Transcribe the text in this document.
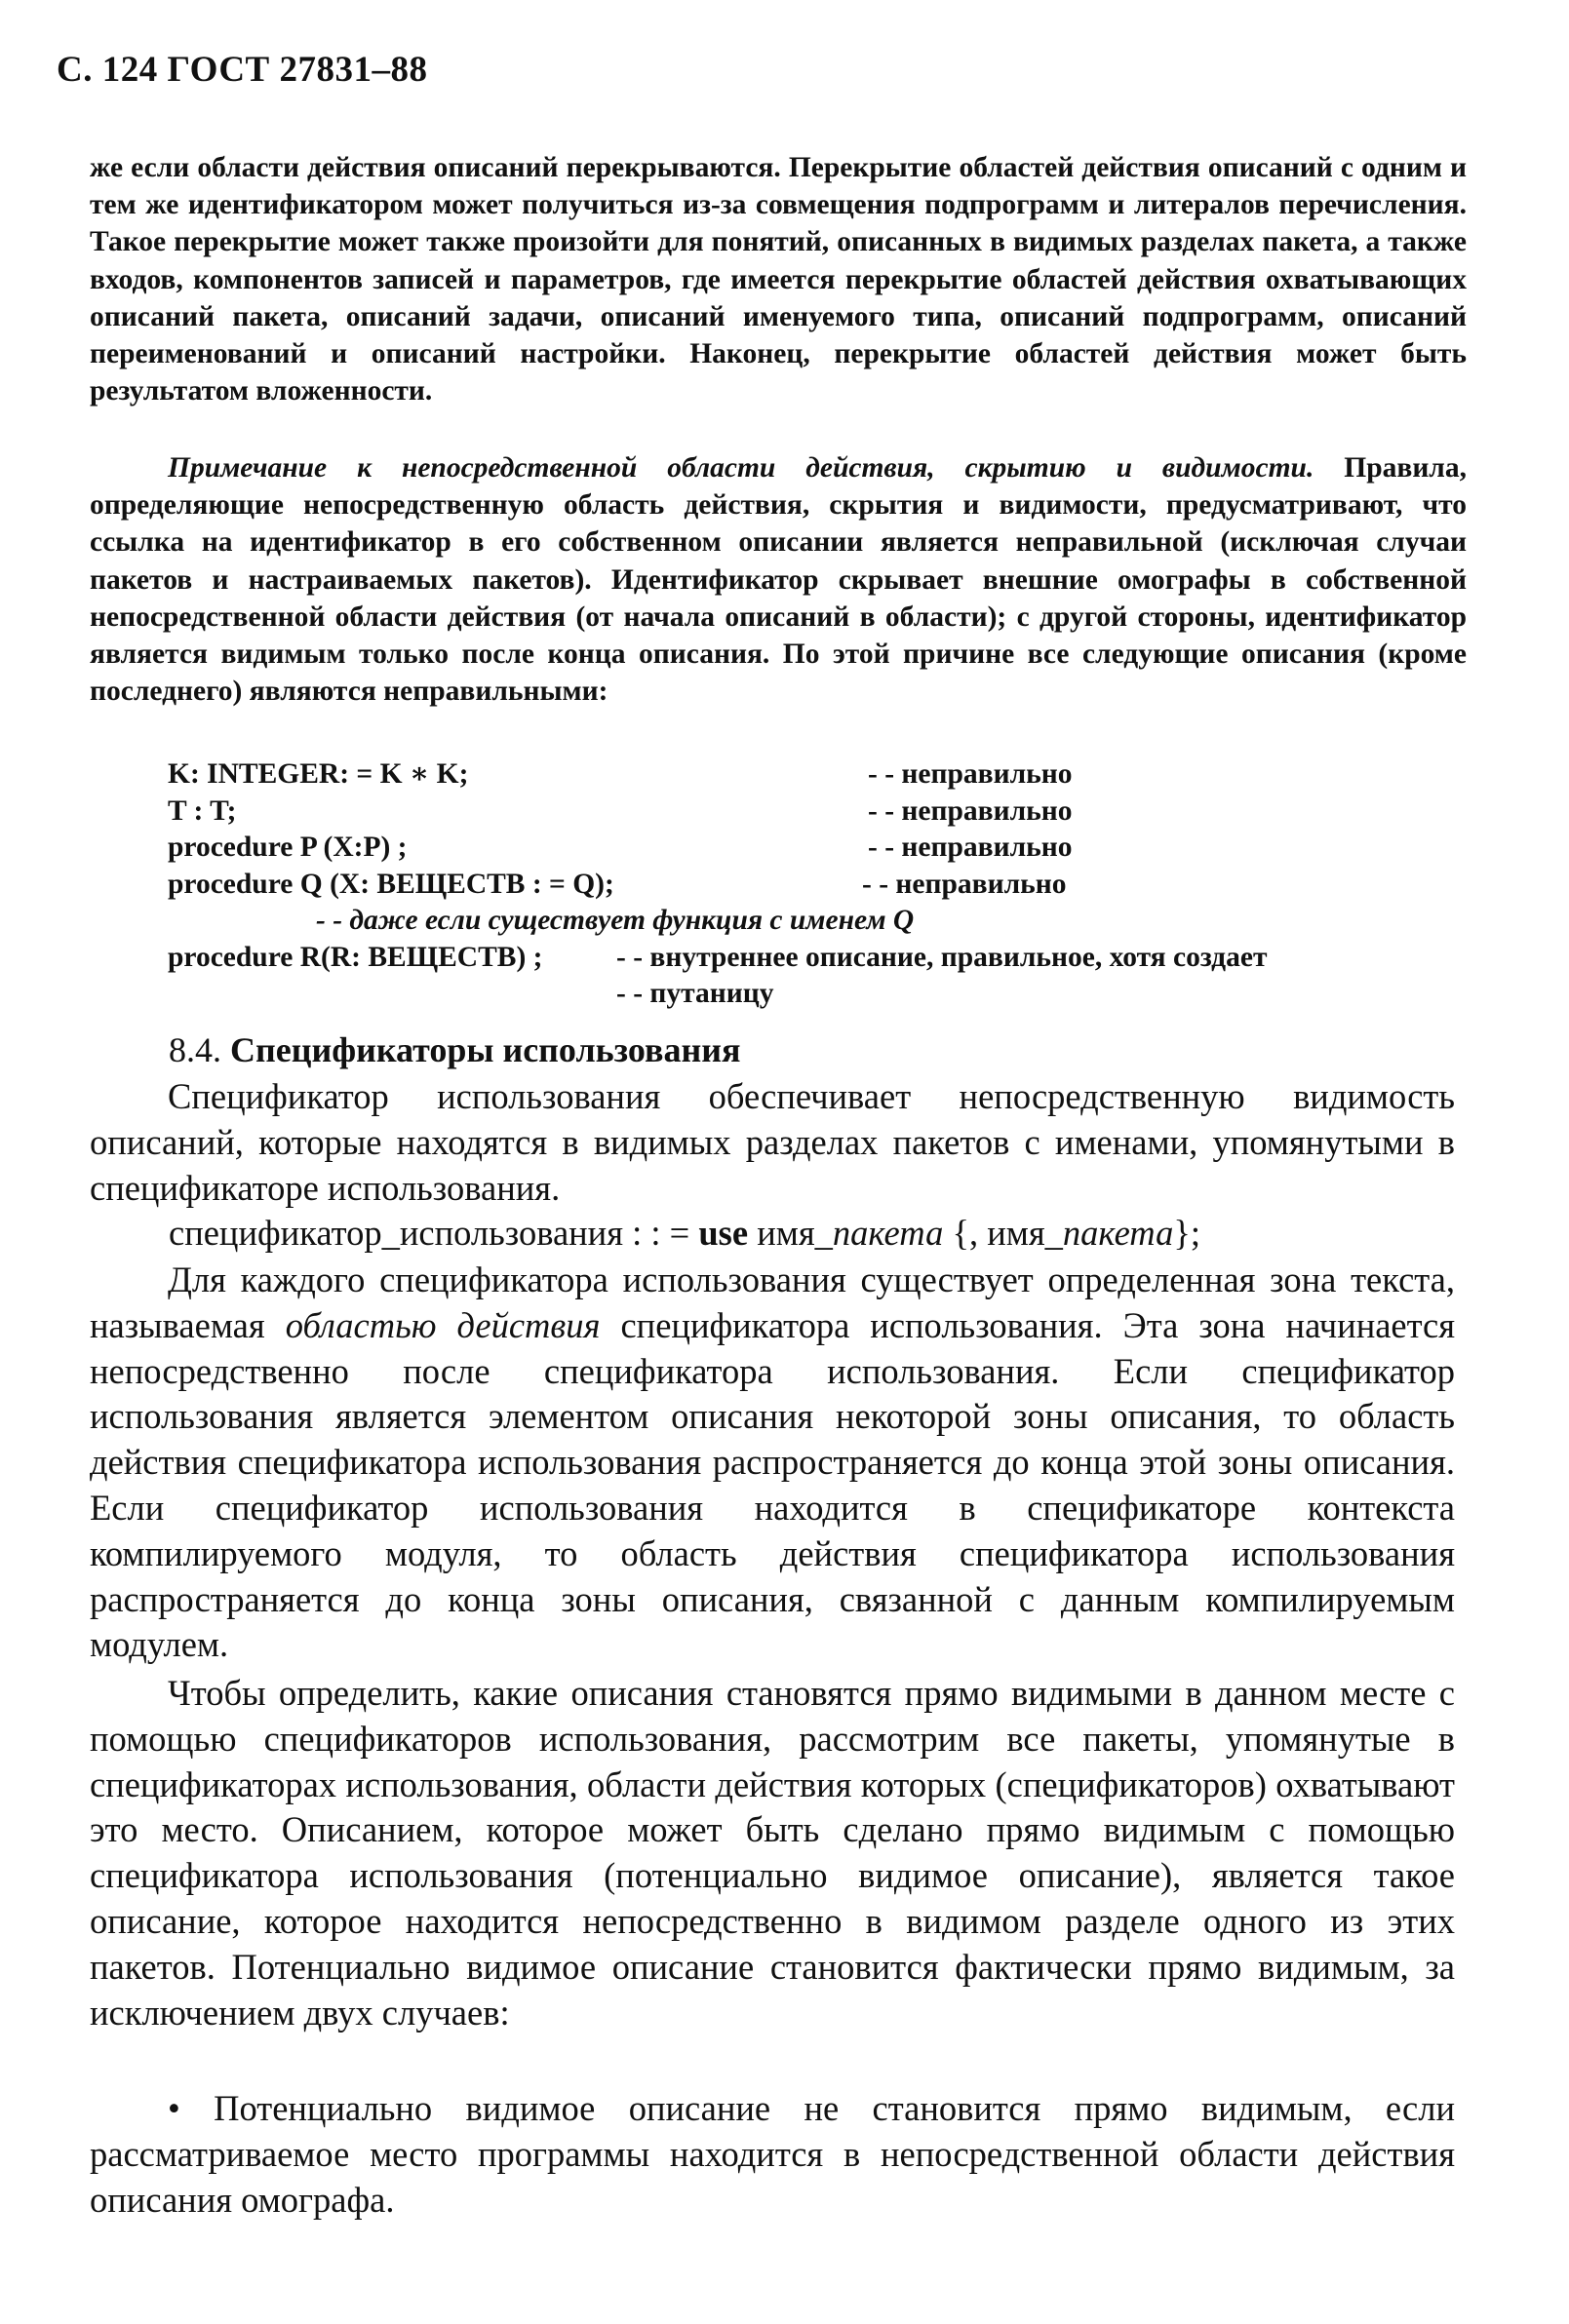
С. 124 ГОСТ 27831–88

же если области действия описаний перекрываются. Перекрытие областей действия описаний с одним и тем же идентификатором может получиться из-за совмещения подпрограмм и литералов перечисления. Такое перекрытие может также произойти для понятий, описанных в видимых разделах пакета, а также входов, компонентов записей и параметров, где имеется перекрытие областей действия охватывающих описаний пакета, описаний задачи, описаний именуемого типа, описаний подпрограмм, описаний переименований и описаний настройки. Наконец, перекрытие областей действия может быть результатом вложенности.

Примечание к непосредственной области действия, скрытию и видимости. Правила, определяющие непосредственную область действия, скрытия и видимости, предусматривают, что ссылка на идентификатор в его собственном описании является неправильной (исключая случаи пакетов и настраиваемых пакетов). Идентификатор скрывает внешние омографы в собственной непосредственной области действия (от начала описаний в области); с другой стороны, идентификатор является видимым только после конца описания. По этой причине все следующие описания (кроме последнего) являются неправильными:
K: INTEGER: = K ∗ K;	- - неправильно
T : T;	- - неправильно
procedure P (X:P) ;	- - неправильно
procedure Q (X: ВЕЩЕСТВ : = Q);	- - неправильно
- - даже если существует функция с именем Q
procedure R(R: ВЕЩЕСТВ) ;	- - внутреннее описание, правильное, хотя создает
- - путаницу
8.4. Спецификаторы использования

Спецификатор использования обеспечивает непосредственную видимость описаний, которые находятся в видимых разделах пакетов с именами, упомянутыми в спецификаторе использования.

спецификатор_использования : : = use имя_пакета {, имя_пакета};

Для каждого спецификатора использования существует определенная зона текста, называемая областью действия спецификатора использования. Эта зона начинается непосредственно после спецификатора использования. Если спецификатор использования является элементом описания некоторой зоны описания, то область действия спецификатора использования распространяется до конца этой зоны описания. Если спецификатор использования находится в спецификаторе контекста компилируемого модуля, то область действия спецификатора использования распространяется до конца зоны описания, связанной с данным компилируемым модулем.

Чтобы определить, какие описания становятся прямо видимыми в данном месте с помощью спецификаторов использования, рассмотрим все пакеты, упомянутые в спецификаторах использования, области действия которых (спецификаторов) охватывают это место. Описанием, которое может быть сделано прямо видимым с помощью спецификатора использования (потенциально видимое описание), является такое описание, которое находится непосредственно в видимом разделе одного из этих пакетов. Потенциально видимое описание становится фактически прямо видимым, за исключением двух случаев:

• Потенциально видимое описание не становится прямо видимым, если рассматриваемое место программы находится в непосредственной области действия описания омографа.
